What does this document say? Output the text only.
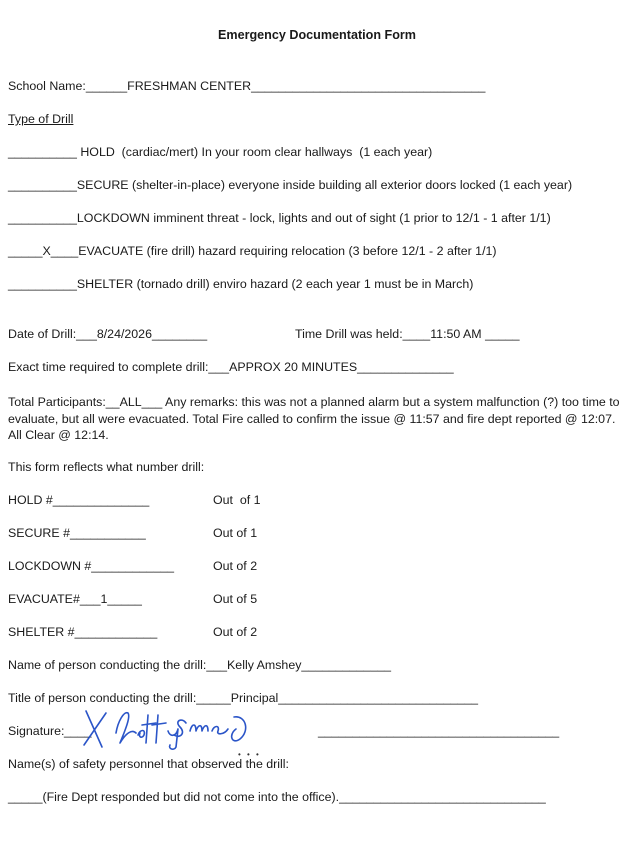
Emergency Documentation Form
School Name:______FRESHMAN CENTER__________________________________
Type of Drill
__________ HOLD  (cardiac/mert) In your room clear hallways  (1 each year)
__________SECURE (shelter-in-place) everyone inside building all exterior doors locked (1 each year)
__________LOCKDOWN imminent threat - lock, lights and out of sight (1 prior to 12/1 - 1 after 1/1)
_____X____EVACUATE (fire drill) hazard requiring relocation (3 before 12/1 - 2 after 1/1)
__________SHELTER (tornado drill) enviro hazard (2 each year 1 must be in March)
Date of Drill:___8/24/2026________	Time Drill was held:____11:50 AM _____
Exact time required to complete drill:___APPROX 20 MINUTES______________
Total Participants:__ALL___ Any remarks: this was not a planned alarm but a system malfunction (?) too time to evaluate, but all were evacuated. Total Fire called to confirm the issue @ 11:57 and fire dept reported @ 12:07. All Clear @ 12:14.
This form reflects what number drill:
HOLD #______________	Out  of 1
SECURE #___________	Out of 1
LOCKDOWN #____________	Out of 2
EVACUATE#___1_____	Out of 5
SHELTER #____________	Out of 2
Name of person conducting the drill:___Kelly Amshey_____________
Title of person conducting the drill:_____Principal_____________________________
Signature: ____	___________________________________
Name(s) of safety personnel that observed the drill:
• • •
_____(Fire Dept responded but did not come into the office).______________________________
